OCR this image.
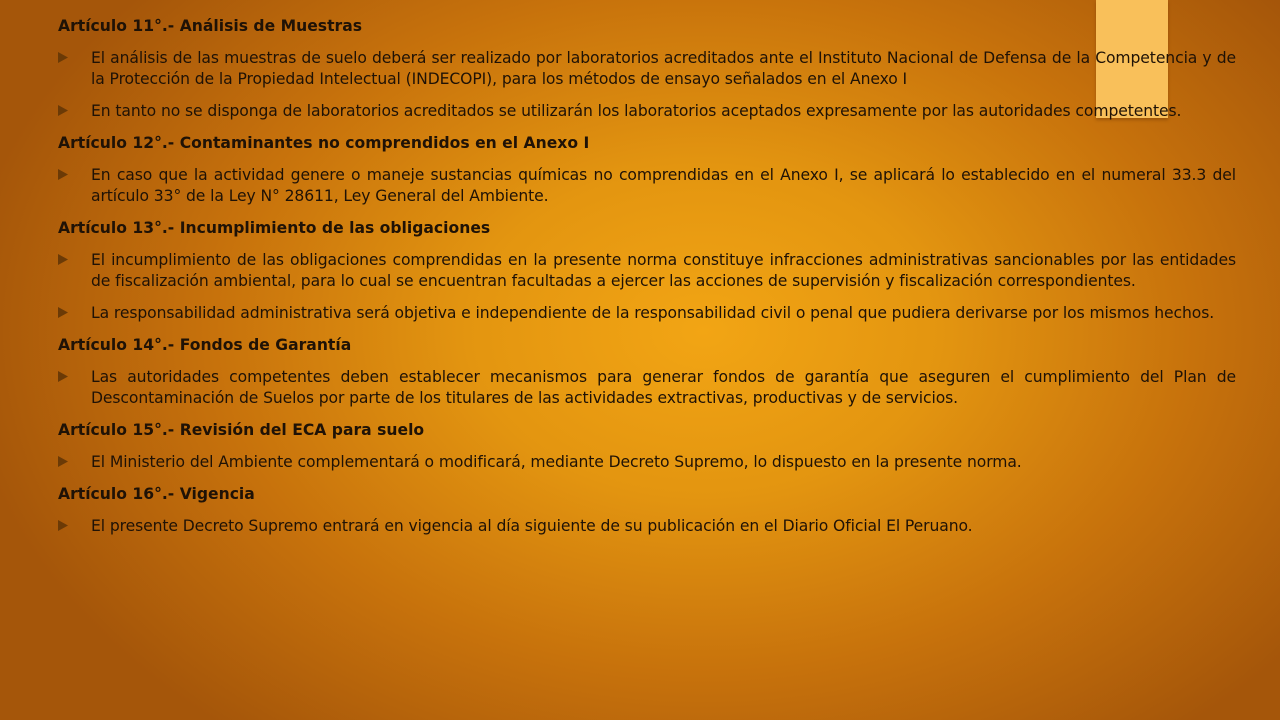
Artículo 11°.- Análisis de Muestras
El análisis de las muestras de suelo deberá ser realizado por laboratorios acreditados ante el Instituto Nacional de Defensa de la Competencia y de la Protección de la Propiedad Intelectual (INDECOPI), para los métodos de ensayo señalados en el Anexo I
En tanto no se disponga de laboratorios acreditados se utilizarán los laboratorios aceptados expresamente por las autoridades competentes.
Artículo 12°.- Contaminantes no comprendidos en el Anexo I
En caso que la actividad genere o maneje sustancias químicas no comprendidas en el Anexo I, se aplicará lo establecido en el numeral 33.3 del artículo 33° de la Ley N° 28611, Ley General del Ambiente.
Artículo 13°.- Incumplimiento de las obligaciones
El incumplimiento de las obligaciones comprendidas en la presente norma constituye infracciones administrativas sancionables por las entidades de fiscalización ambiental, para lo cual se encuentran facultadas a ejercer las acciones de supervisión y fiscalización correspondientes.
La responsabilidad administrativa será objetiva e independiente de la responsabilidad civil o penal que pudiera derivarse por los mismos hechos.
Artículo 14°.- Fondos de Garantía
Las autoridades competentes deben establecer mecanismos para generar fondos de garantía que aseguren el cumplimiento del Plan de Descontaminación de Suelos por parte de los titulares de las actividades extractivas, productivas y de servicios.
Artículo 15°.- Revisión del ECA para suelo
El Ministerio del Ambiente complementará o modificará, mediante Decreto Supremo, lo dispuesto en la presente norma.
Artículo 16°.- Vigencia
El presente Decreto Supremo entrará en vigencia al día siguiente de su publicación en el Diario Oficial El Peruano.
